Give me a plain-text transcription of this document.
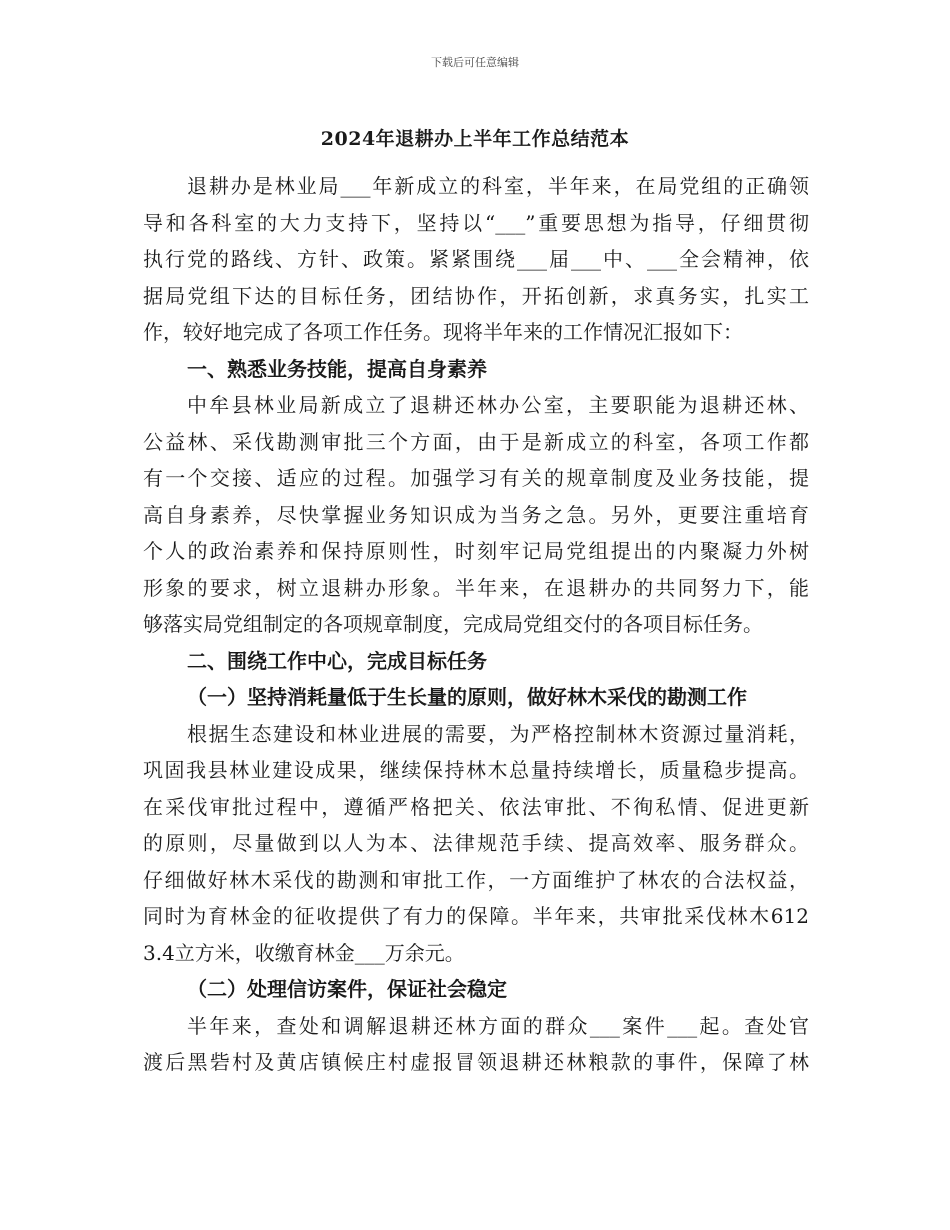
下载后可任意编辑
2024年退耕办上半年工作总结范本
退耕办是林业局___年新成立的科室，半年来，在局党组的正确领
导和各科室的大力支持下，坚持以“___”重要思想为指导，仔细贯彻
执行党的路线、方针、政策。紧紧围绕___届___中、___全会精神，依
据局党组下达的目标任务，团结协作，开拓创新，求真务实，扎实工
作，较好地完成了各项工作任务。现将半年来的工作情况汇报如下：
一、熟悉业务技能，提高自身素养
中牟县林业局新成立了退耕还林办公室，主要职能为退耕还林、
公益林、采伐勘测审批三个方面，由于是新成立的科室，各项工作都
有一个交接、适应的过程。加强学习有关的规章制度及业务技能，提
高自身素养，尽快掌握业务知识成为当务之急。另外，更要注重培育
个人的政治素养和保持原则性，时刻牢记局党组提出的内聚凝力外树
形象的要求，树立退耕办形象。半年来，在退耕办的共同努力下，能
够落实局党组制定的各项规章制度，完成局党组交付的各项目标任务。
二、围绕工作中心，完成目标任务
（一）坚持消耗量低于生长量的原则，做好林木采伐的勘测工作
根据生态建设和林业进展的需要，为严格控制林木资源过量消耗，
巩固我县林业建设成果，继续保持林木总量持续增长，质量稳步提高。
在采伐审批过程中，遵循严格把关、依法审批、不徇私情、促进更新
的原则，尽量做到以人为本、法律规范手续、提高效率、服务群众。
仔细做好林木采伐的勘测和审批工作，一方面维护了林农的合法权益，
同时为育林金的征收提供了有力的保障。半年来，共审批采伐林木612
3.4立方米，收缴育林金___万余元。
（二）处理信访案件，保证社会稳定
半年来，查处和调解退耕还林方面的群众___案件___起。查处官
渡后黑砦村及黄店镇候庄村虚报冒领退耕还林粮款的事件，保障了林
